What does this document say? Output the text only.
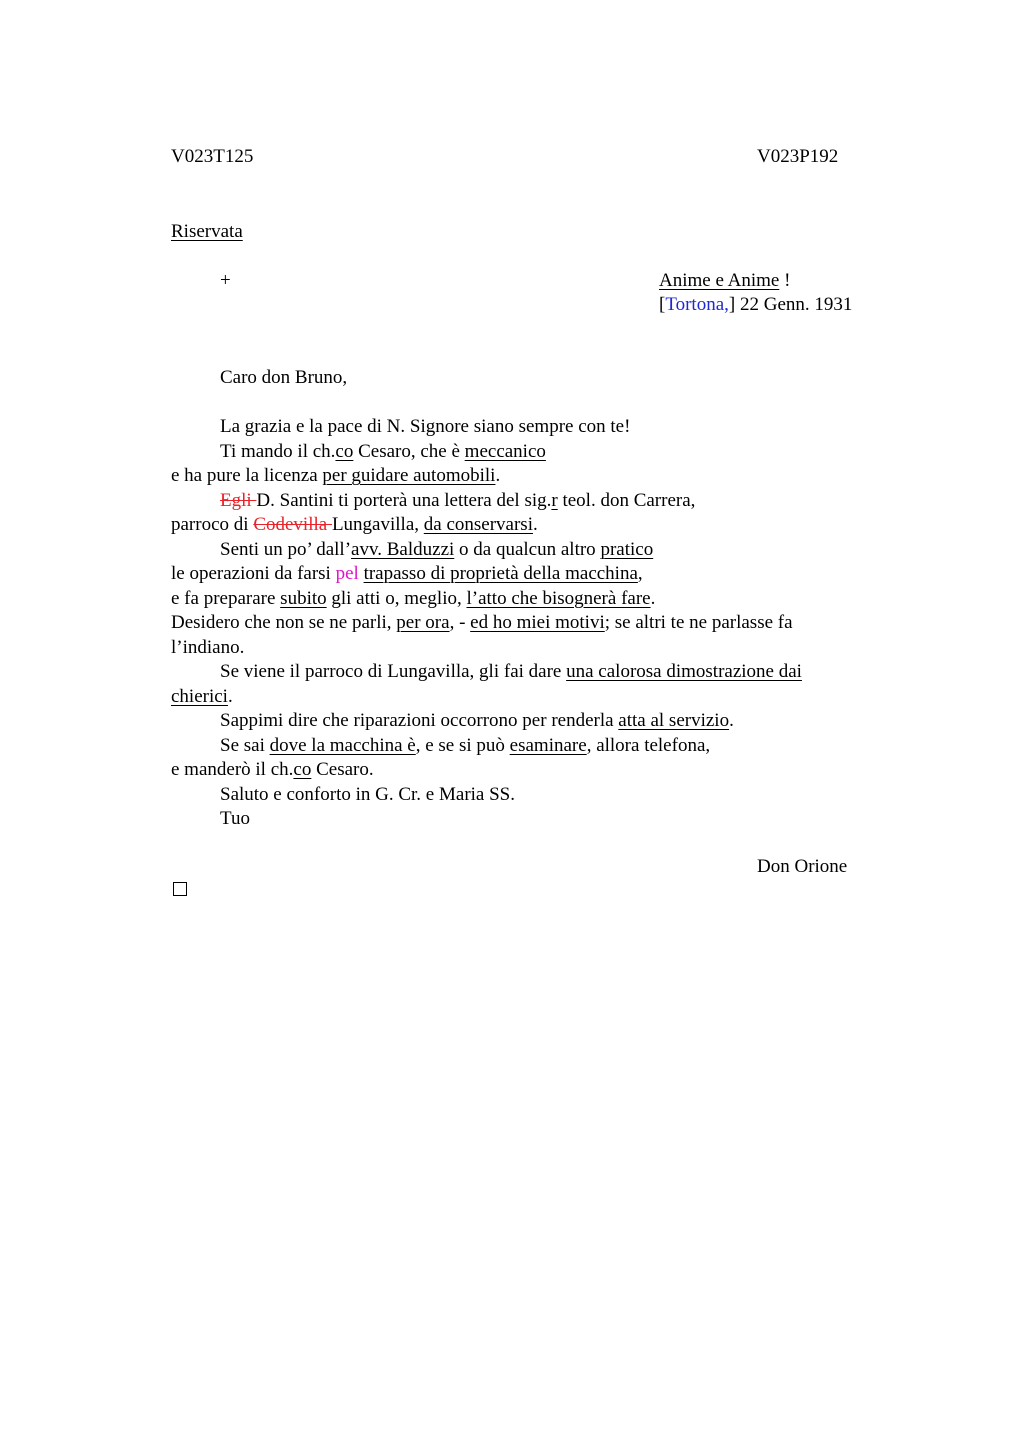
V023T125	V023P192
Riservata
+	Anime e Anime !
[Tortona,] 22 Genn. 1931
Caro don Bruno,
La grazia e la pace di N. Signore siano sempre con te!
Ti mando il ch.co Cesaro, che è meccanico
e ha pure la licenza per guidare automobili.
Egli D. Santini ti porterà una lettera del sig.r teol. don Carrera,
parroco di Codevilla Lungavilla, da conservarsi.
Senti un po’ dall’avv. Balduzzi o da qualcun altro pratico
le operazioni da farsi pel trapasso di proprietà della macchina,
e fa preparare subito gli atti o, meglio, l’atto che bisognerà fare.
Desidero che non se ne parli, per ora, - ed ho miei motivi; se altri te ne parlasse fa
l’indiano.
Se viene il parroco di Lungavilla, gli fai dare una calorosa dimostrazione dai
chierici.
Sappimi dire che riparazioni occorrono per renderla atta al servizio.
Se sai dove la macchina è, e se si può esaminare, allora telefona,
e manderò il ch.co Cesaro.
Saluto e conforto in G. Cr. e Maria SS.
Tuo
Don Orione
